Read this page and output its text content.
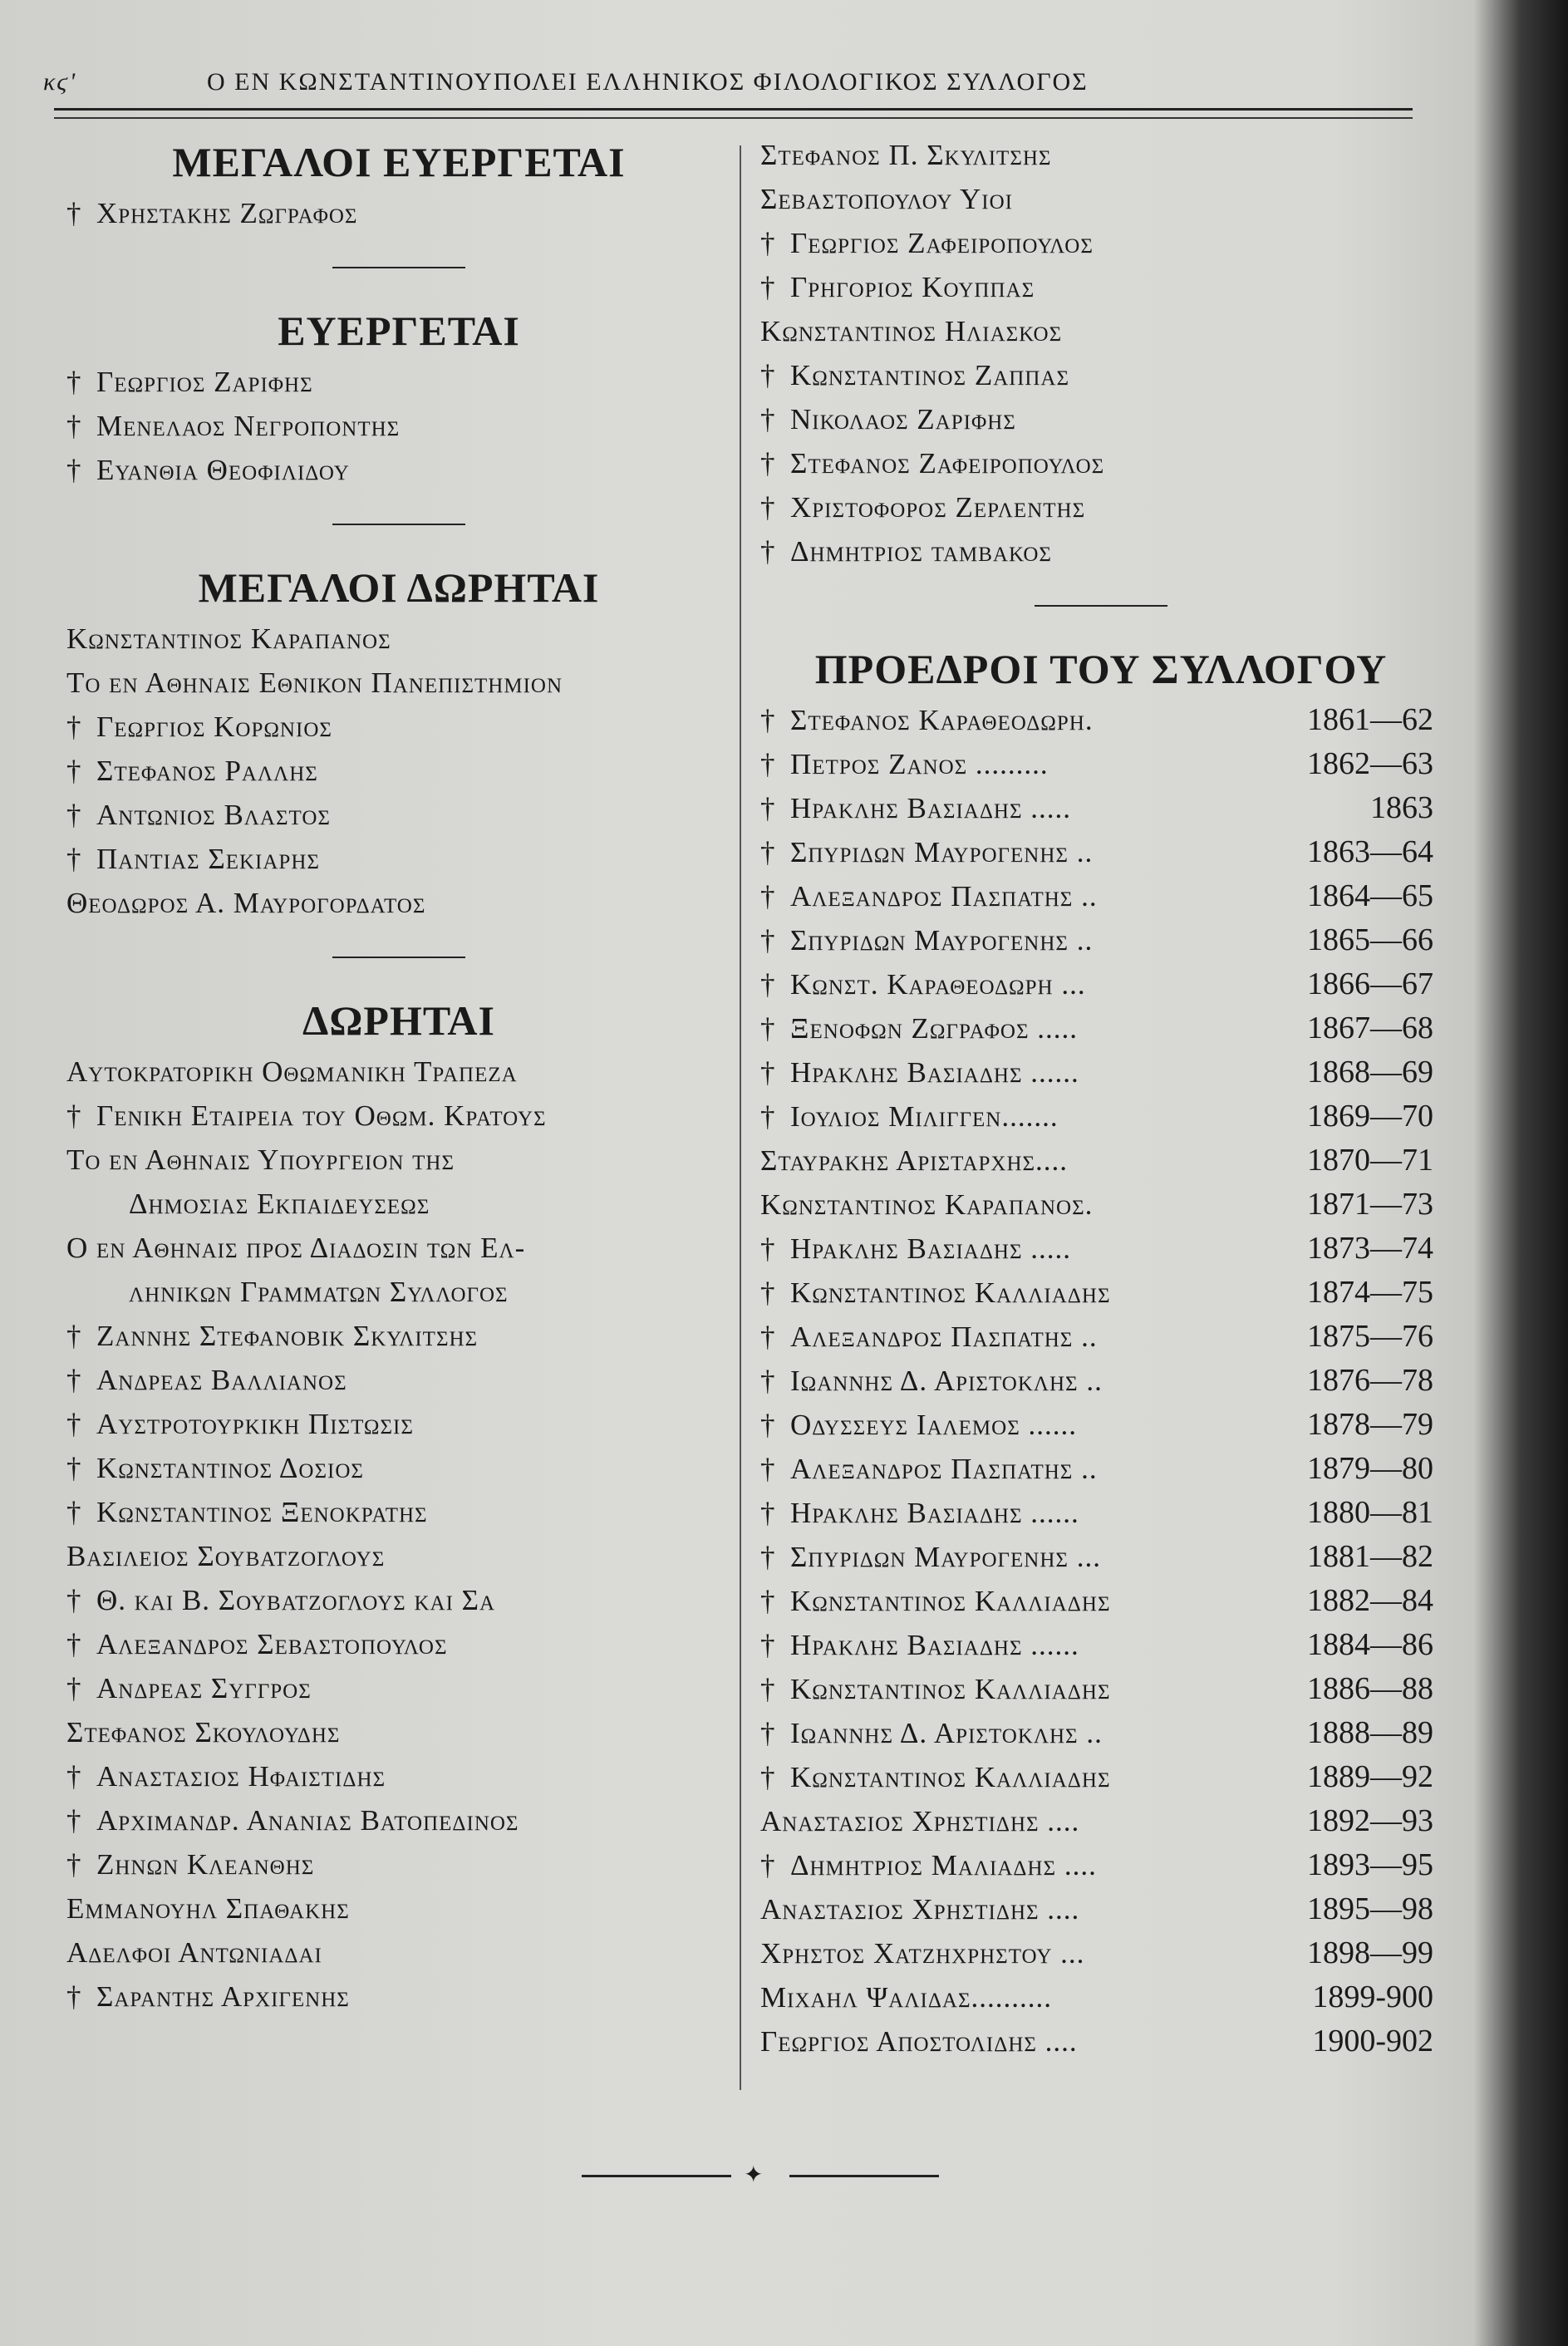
κϛ'	Ο ΕΝ ΚΩΝΣΤΑΝΤΙΝΟΥΠΟΛΕΙ ΕΛΛΗΝΙΚΟΣ ΦΙΛΟΛΟΓΙΚΟΣ ΣΥΛΛΟΓΟΣ
ΜΕΓΑΛΟΙ ΕΥΕΡΓΕΤΑΙ
† Χρηστακης Ζωγραφος
ΕΥΕΡΓΕΤΑΙ
† Γεωργιος Ζαριφης
† Μενελαος Νεγροποντης
† Ευανθια Θεοφιλιδου
ΜΕΓΑΛΟΙ ΔΩΡΗΤΑΙ
Κωνσταντινος Καραπανος
Το εν Αθηναις Εθνικον Πανεπιστημιον
† Γεωργιος Κορωνιος
† Στεφανος Ραλλης
† Αντωνιος Βλαστος
† Παντιας Σεκιαρης
Θεοδωρος Α. Μαυρογορδατος
ΔΩΡΗΤΑΙ
Αυτοκρατορικη Οθωμανικη Τραπεζα
† Γενικη Εταιρεια του Οθωμ. Κρατους
Το εν Αθηναις Υπουργειον της
Δημοσιας Εκπαιδευσεως
Ο εν Αθηναις προς Διαδοσιν των Ελ-
ληνικων Γραμματων Συλλογος
† Ζαννης Στεφανοβικ Σκυλιτσης
† Ανδρεας Βαλλιανος
† Αυστροτουρκικη Πιστωσις
† Κωνσταντινος Δοσιος
† Κωνσταντινος Ξενοκρατης
Βασιλειος Σουβατζογλους
† Θ. και Β. Σουβατζογλους και Σα
† Αλεξανδρος Σεβαστοπουλος
† Ανδρεας Συγγρος
Στεφανος Σκουλουδης
† Αναστασιος Ηφαιστιδης
† Αρχιμανδρ. Ανανιας Βατοπεδινος
† Ζηνων Κλεανθης
Εμμανουηλ Σπαθακης
Αδελφοι Αντωνιαδαι
† Σαραντης Αρχιγενης
Στεφανος Π. Σκυλιτσης
Σεβαστοπουλου Υιοι
† Γεωργιος Ζαφειροπουλος
† Γρηγοριος Κουππας
Κωνσταντινος Ηλιασκος
† Κωνσταντινος Ζαππας
† Νικολαος Ζαριφης
† Στεφανος Ζαφειροπουλος
† Χριστοφορος Ζερλεντης
† Δημητριος ταμβακος
ΠΡΟΕΔΡΟΙ ΤΟΥ ΣΥΛΛΟΓΟΥ
† Στεφανος Καραθεοδωρη.	1861—62
† Πετρος Ζανος .........	1862—63
† Ηρακλης Βασιαδης .....	1863
† Σπυριδων Μαυρογενης ..	1863—64
† Αλεξανδρος Πασπατης ..	1864—65
† Σπυριδων Μαυρογενης ..	1865—66
† Κωνστ. Καραθεοδωρη ...	1866—67
† Ξενοφων Ζωγραφος .....	1867—68
† Ηρακλης Βασιαδης ......	1868—69
† Ιουλιος Μιλιγγεν.......	1869—70
Σταυρακης Αρισταρχης....	1870—71
Κωνσταντινος Καραπανος.	1871—73
† Ηρακλης Βασιαδης .....	1873—74
† Κωνσταντινος Καλλιαδης	1874—75
† Αλεξανδρος Πασπατης ..	1875—76
† Ιωαννης Δ. Αριστοκλης ..	1876—78
† Οδυσσευς Ιαλεμος ......	1878—79
† Αλεξανδρος Πασπατης ..	1879—80
† Ηρακλης Βασιαδης ......	1880—81
† Σπυριδων Μαυρογενης ...	1881—82
† Κωνσταντινος Καλλιαδης	1882—84
† Ηρακλης Βασιαδης ......	1884—86
† Κωνσταντινος Καλλιαδης	1886—88
† Ιωαννης Δ. Αριστοκλης ..	1888—89
† Κωνσταντινος Καλλιαδης	1889—92
Αναστασιος Χρηστιδης ....	1892—93
† Δημητριος Μαλιαδης ....	1893—95
Αναστασιος Χρηστιδης ....	1895—98
Χρηστος Χατζηχρηστου ...	1898—99
Μιχαηλ Ψαλιδας..........	1899-900
Γεωργιος Αποστολιδης ....	1900-902
✦
